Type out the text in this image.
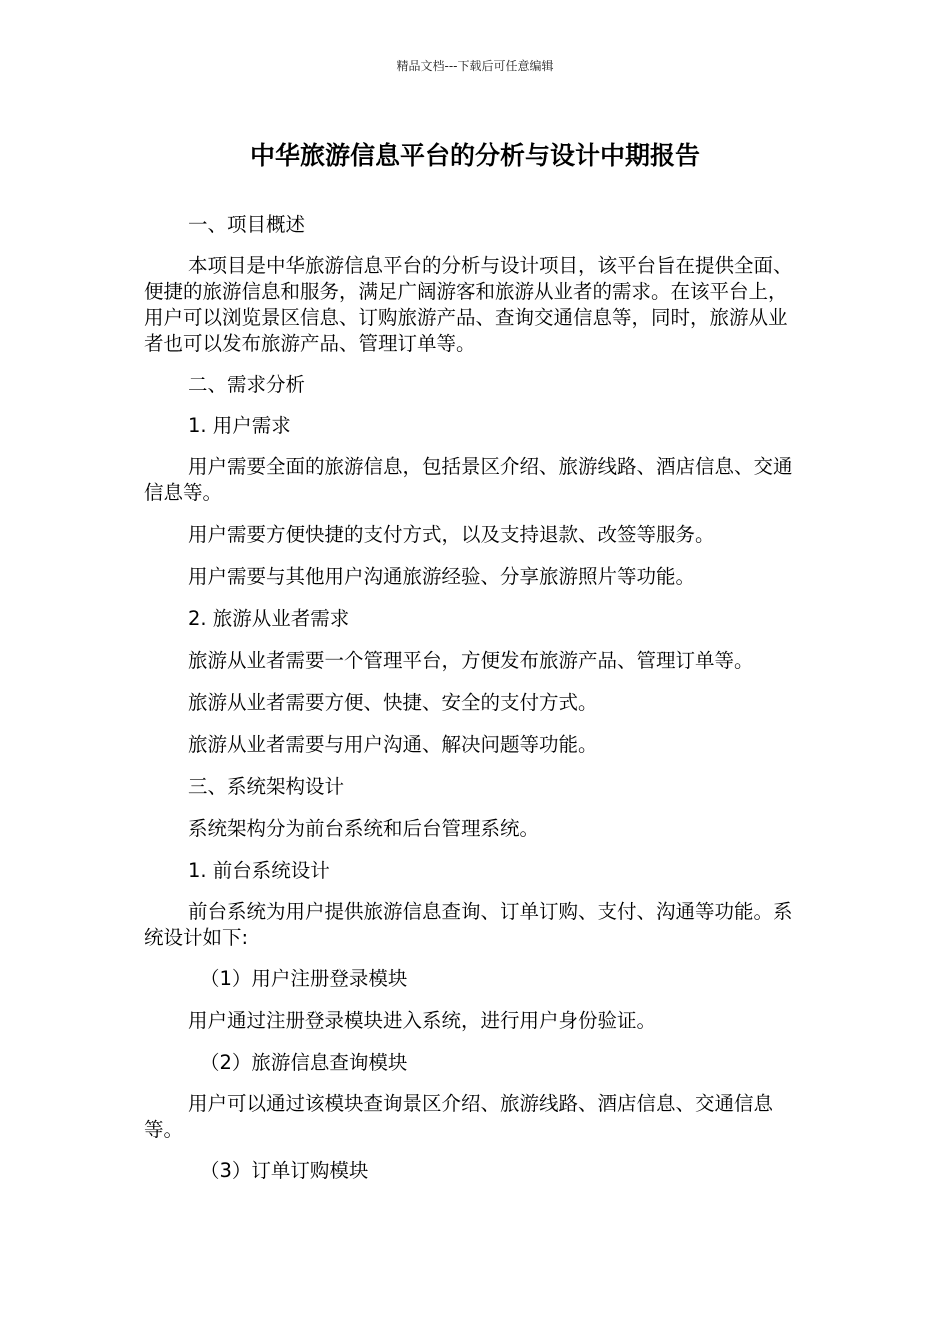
精品文档---下载后可任意编辑
中华旅游信息平台的分析与设计中期报告

一、项目概述

本项目是中华旅游信息平台的分析与设计项目，该平台旨在提供全面、便捷的旅游信息和服务，满足广阔游客和旅游从业者的需求。在该平台上，用户可以浏览景区信息、订购旅游产品、查询交通信息等，同时，旅游从业者也可以发布旅游产品、管理订单等。

二、需求分析

1. 用户需求

用户需要全面的旅游信息，包括景区介绍、旅游线路、酒店信息、交通信息等。

用户需要方便快捷的支付方式，以及支持退款、改签等服务。

用户需要与其他用户沟通旅游经验、分享旅游照片等功能。

2. 旅游从业者需求

旅游从业者需要一个管理平台，方便发布旅游产品、管理订单等。

旅游从业者需要方便、快捷、安全的支付方式。

旅游从业者需要与用户沟通、解决问题等功能。

三、系统架构设计

系统架构分为前台系统和后台管理系统。

1. 前台系统设计

前台系统为用户提供旅游信息查询、订单订购、支付、沟通等功能。系统设计如下:

（1）用户注册登录模块

用户通过注册登录模块进入系统，进行用户身份验证。

（2）旅游信息查询模块

用户可以通过该模块查询景区介绍、旅游线路、酒店信息、交通信息等。

（3）订单订购模块
